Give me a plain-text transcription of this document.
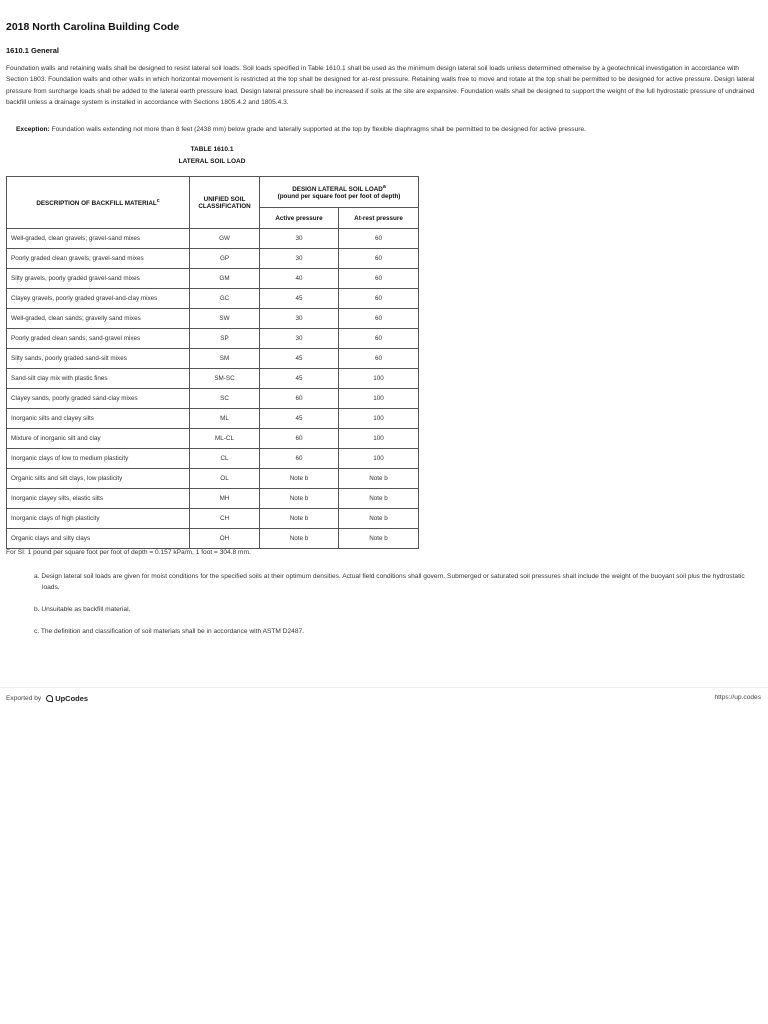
2018 North Carolina Building Code
1610.1 General

Foundation walls and retaining walls shall be designed to resist lateral soil loads. Soil loads specified in Table 1610.1 shall be used as the minimum design lateral soil loads unless determined otherwise by a geotechnical investigation in accordance with Section 1803. Foundation walls and other walls in which horizontal movement is restricted at the top shall be designed for at-rest pressure. Retaining walls free to move and rotate at the top shall be permitted to be designed for active pressure. Design lateral pressure from surcharge loads shall be added to the lateral earth pressure load. Design lateral pressure shall be increased if soils at the site are expansive. Foundation walls shall be designed to support the weight of the full hydrostatic pressure of undrained backfill unless a drainage system is installed in accordance with Sections 1805.4.2 and 1805.4.3.

Exception: Foundation walls extending not more than 8 feet (2438 mm) below grade and laterally supported at the top by flexible diaphragms shall be permitted to be designed for active pressure.

TABLE 1610.1
LATERAL SOIL LOAD
DESCRIPTION OF BACKFILL MATERIAL$^c$	UNIFIED SOIL CLASSIFICATION	DESIGN LATERAL SOIL LOAD$^a$
(pound per square foot per foot of depth)	
		Active pressure	At-rest pressure
Well-graded, clean gravels; gravel-sand mixes	GW	30	60
Poorly graded clean gravels; gravel-sand mixes	GP	30	60
Silty gravels, poorly graded gravel-sand mixes	GM	40	60
Clayey gravels, poorly graded gravel-and-clay mixes	GC	45	60
Well-graded, clean sands; gravelly sand mixes	SW	30	60
Poorly graded clean sands; sand-gravel mixes	SP	30	60
Silty sands, poorly graded sand-silt mixes	SM	45	60
Sand-silt clay mix with plastic fines	SM-SC	45	100
Clayey sands, poorly graded sand-clay mixes	SC	60	100
Inorganic silts and clayey silts	ML	45	100
Mixture of inorganic silt and clay	ML-CL	60	100
Inorganic clays of low to medium plasticity	CL	60	100
Organic silts and silt clays, low plasticity	OL	Note b	Note b
Inorganic clayey silts, elastic silts	MH	Note b	Note b
Inorganic clays of high plasticity	CH	Note b	Note b
Organic clays and silty clays	OH	Note b	Note b
For SI: 1 pound per square foot per foot of depth = 0.157 kPa/m, 1 foot = 304.8 mm.
a. Design lateral soil loads are given for moist conditions for the specified soils at their optimum densities. Actual field conditions shall govern. Submerged or saturated soil pressures shall include the weight of the buoyant soil plus the hydrostatic loads.
b. Unsuitable as backfill material.
c. The definition and classification of soil materials shall be in accordance with ASTM D2487.
Exported by UpCodes	https://up.codes
